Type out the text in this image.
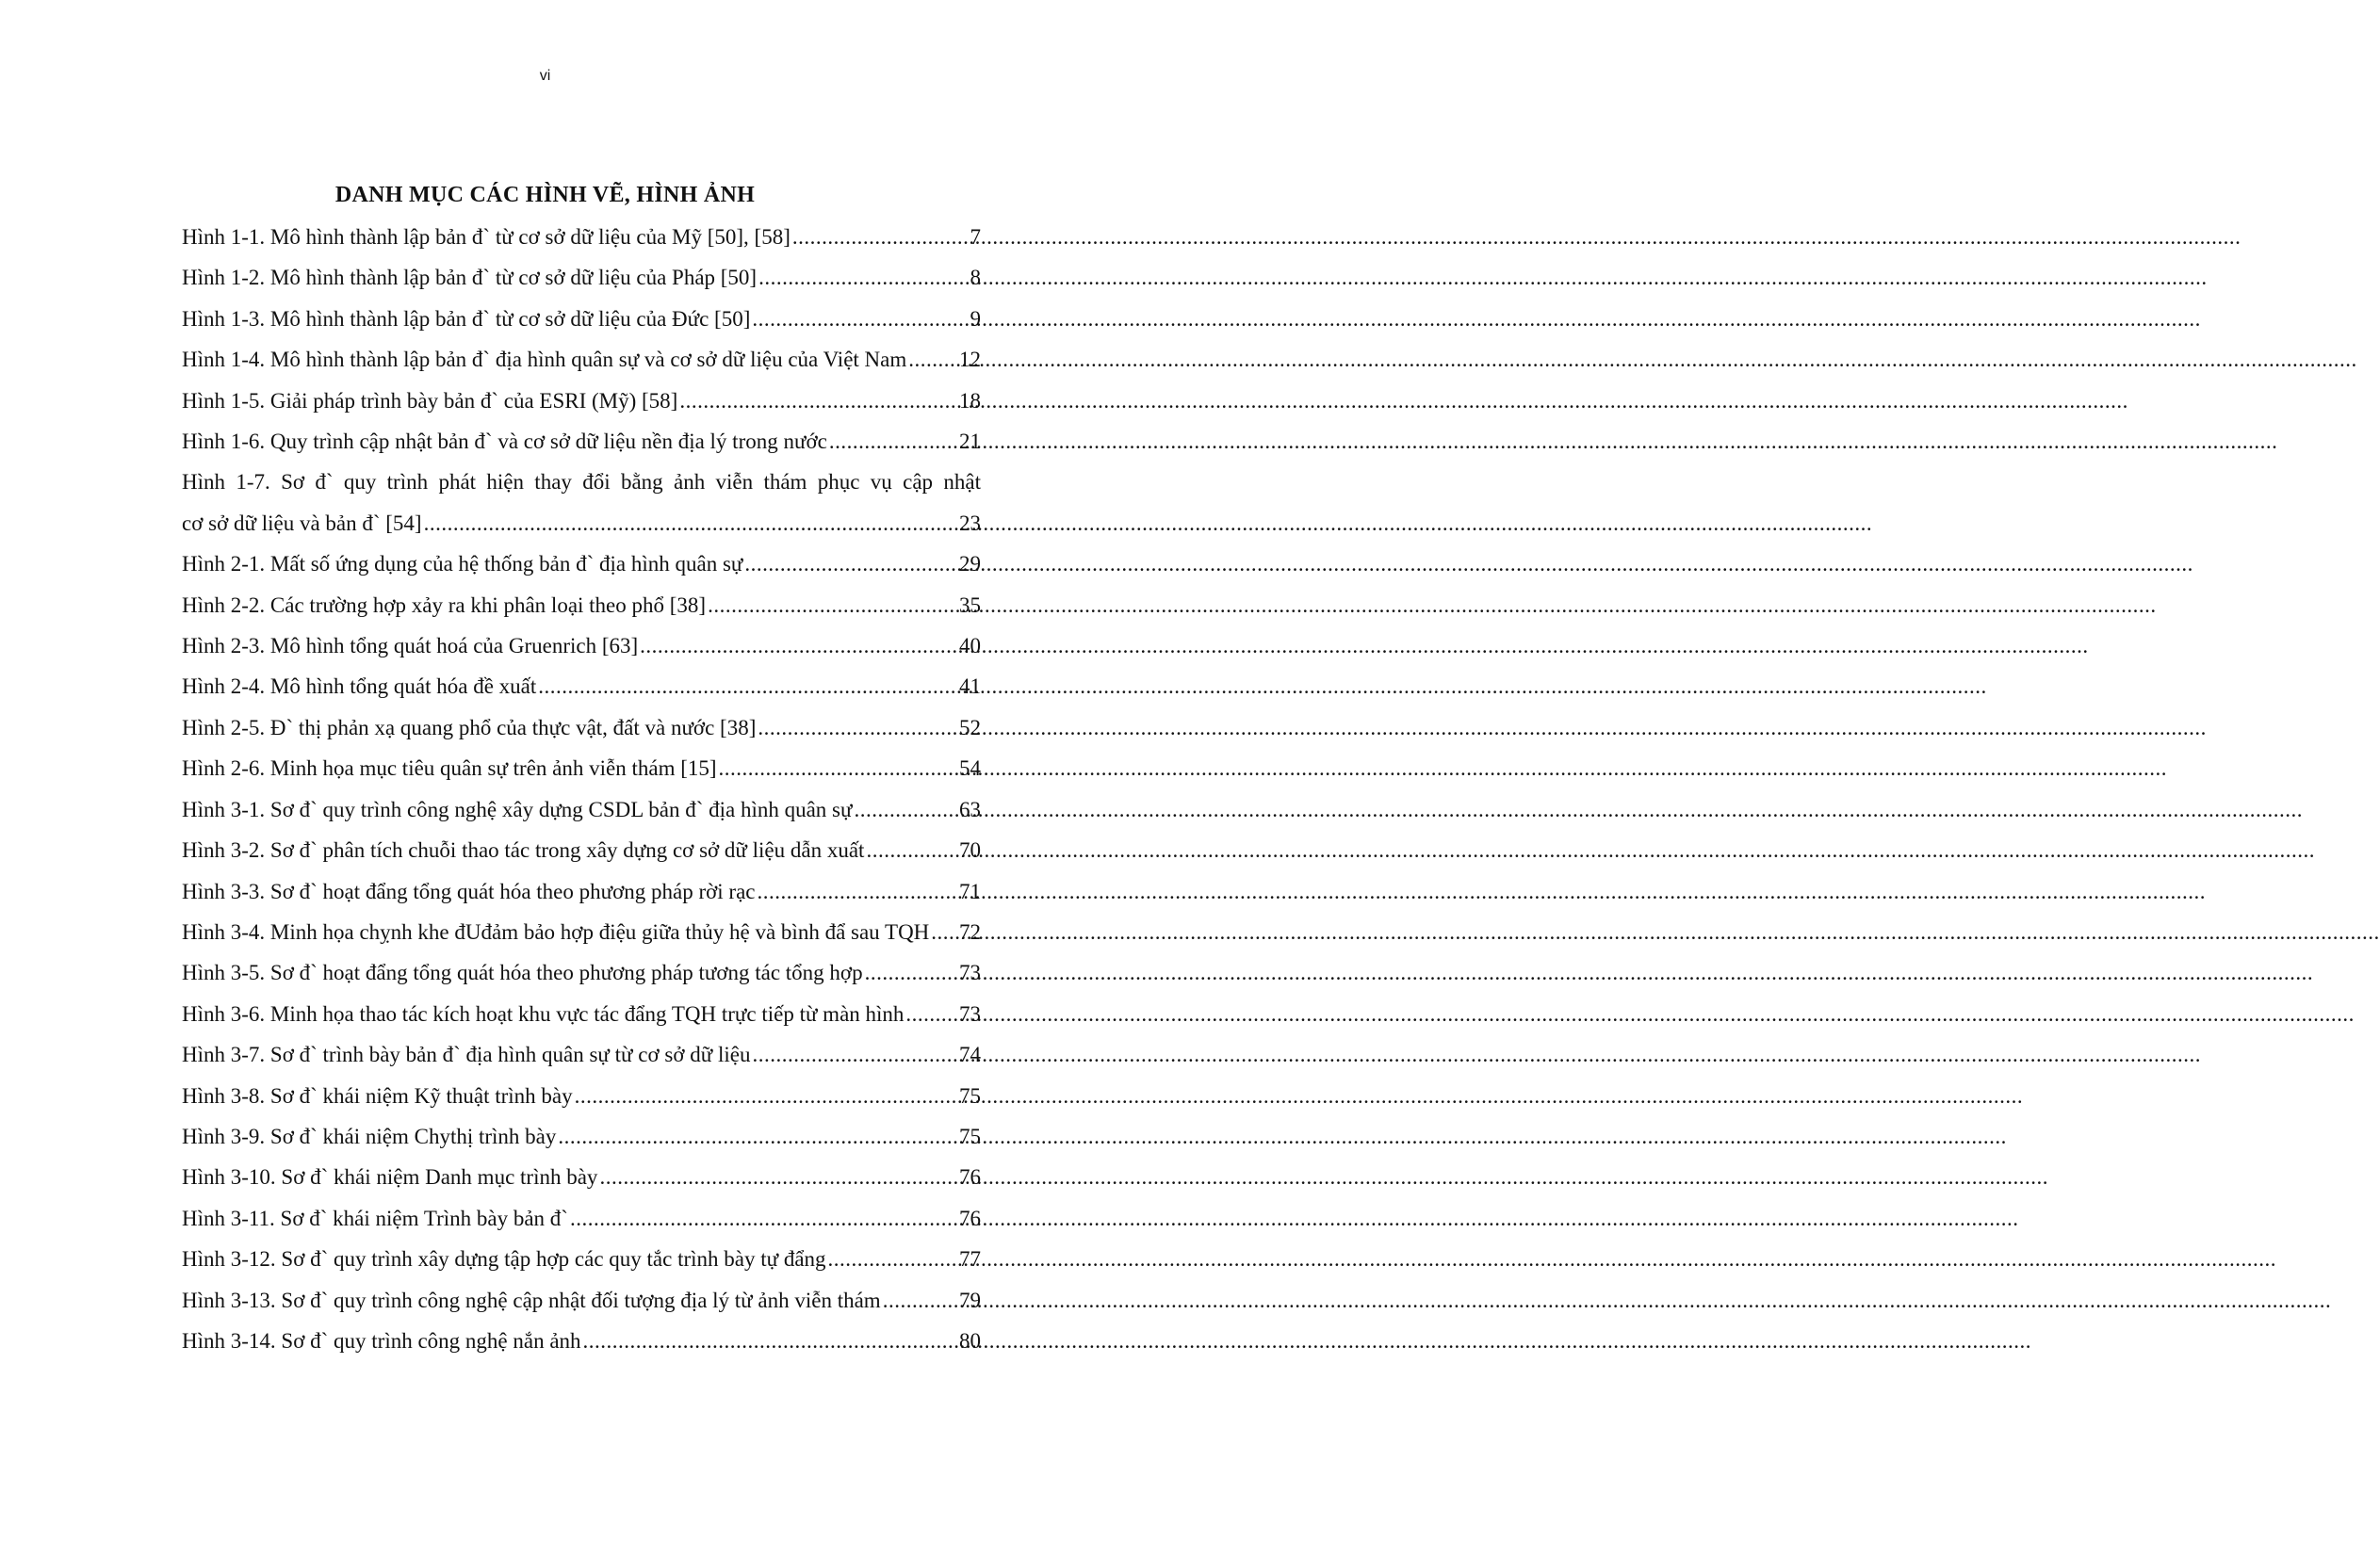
vi
DANH MỤC CÁC HÌNH VẼ, HÌNH ẢNH
Hình 1-1. Mô hình thành lập bản đ` từ cơ sở dữ liệu của Mỹ [50], [58] .....	7
Hình 1-2. Mô hình thành lập bản đ` từ cơ sở dữ liệu của Pháp [50] .....	8
Hình 1-3. Mô hình thành lập bản đ` từ cơ sở dữ liệu của Đức [50] .....	9
Hình 1-4. Mô hình thành lập bản đ` địa hình quân sự và cơ sở dữ liệu của Việt Nam ..... 12
Hình 1-5. Giải pháp trình bày bản đ` của ESRI (Mỹ) [58] .....	18
Hình 1-6. Quy trình cập nhật bản đ` và cơ sở dữ liệu nền địa lý trong nước .....	21
Hình 1-7. Sơ đ` quy trình phát hiện thay đổi bằng ảnh viễn thám phục vụ cập nhật
cơ sở dữ liệu và bản đ` [54] .....	23
Hình 2-1. Mất số ứng dụng của hệ thống bản đ` địa hình quân sự .....	29
Hình 2-2. Các trường hợp xảy ra khi phân loại theo phổ [38] .....	35
Hình 2-3. Mô hình tổng quát hoá của Gruenrich [63] .....	40
Hình 2-4. Mô hình tổng quát hóa đề xuất .....	41
Hình 2-5. Đ` thị phản xạ quang phổ của thực vật, đất và nước [38] .....	52
Hình 2-6. Minh họa mục tiêu quân sự trên ảnh viễn thám [15] .....	54
Hình 3-1. Sơ đ` quy trình công nghệ xây dựng CSDL bản đ` địa hình quân sự .....	63
Hình 3-2. Sơ đ` phân tích chuỗi thao tác trong xây dựng cơ sở dữ liệu dẫn xuất .....	70
Hình 3-3. Sơ đ` hoạt đẩng tổng quát hóa theo phương pháp rời rạc .....	71
Hình 3-4. Minh họa chỵnh khe đUđảm bảo hợp điệu giữa thủy hệ và bình đẩ sau TQH ..... 72
Hình 3-5. Sơ đ` hoạt đẩng tổng quát hóa theo phương pháp tương tác tổng hợp .....	73
Hình 3-6. Minh họa thao tác kích hoạt khu vực tác đẩng TQH trực tiếp từ màn hình .....	73
Hình 3-7. Sơ đ` trình bày bản đ` địa hình quân sự từ cơ sở dữ liệu .....	74
Hình 3-8. Sơ đ` khái niệm Kỹ thuật trình bày .....	75
Hình 3-9. Sơ đ` khái niệm Chythị trình bày .....	75
Hình 3-10. Sơ đ` khái niệm Danh mục trình bày .....	76
Hình 3-11. Sơ đ` khái niệm Trình bày bản đ` .....	76
Hình 3-12. Sơ đ` quy trình xây dựng tập hợp các quy tắc trình bày tự đẩng .....	77
Hình 3-13. Sơ đ` quy trình công nghệ cập nhật đối tượng địa lý từ ảnh viễn thám .....	79
Hình 3-14. Sơ đ` quy trình công nghệ nắn ảnh .....	80
